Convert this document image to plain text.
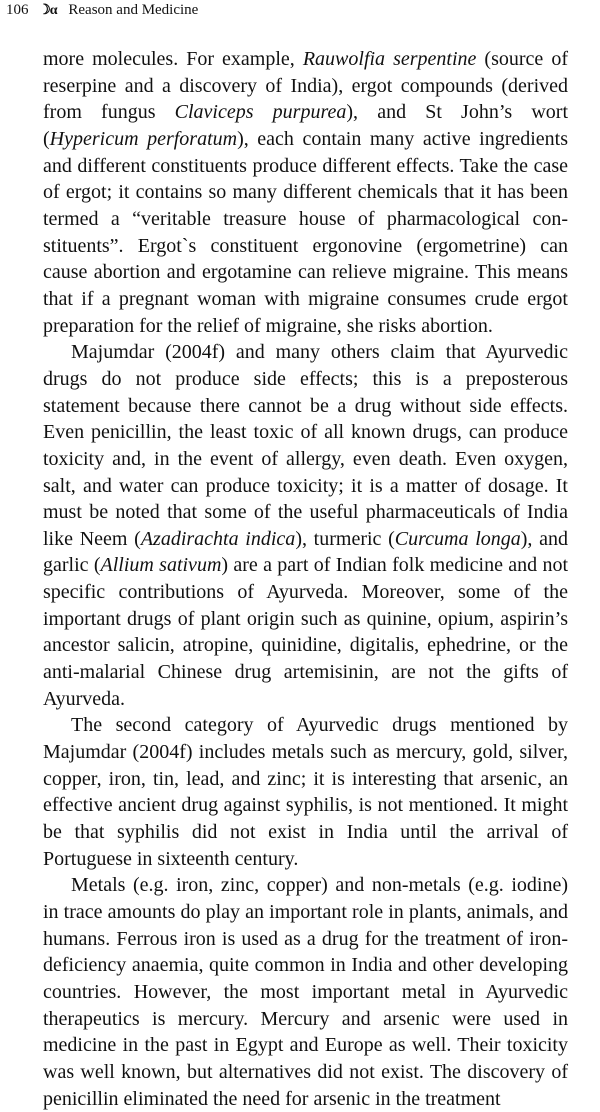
106 ☽α Reason and Medicine

more molecules. For example, Rauwolfia serpentine (source of reserpine and a discovery of India), ergot compounds (derived from fungus Claviceps purpurea), and St John’s wort (Hypericum perforatum), each contain many active ingredients and different constituents produce different effects. Take the case of ergot; it contains so many different chemicals that it has been termed a “veritable treasure house of pharmacological constituents”. Ergot`s constituent ergonovine (ergometrine) can cause abortion and ergotamine can relieve migraine. This means that if a pregnant woman with migraine consumes crude ergot preparation for the relief of migraine, she risks abortion.

Majumdar (2004f) and many others claim that Ayurvedic drugs do not produce side effects; this is a preposterous statement because there cannot be a drug without side effects. Even penicillin, the least toxic of all known drugs, can produce toxicity and, in the event of allergy, even death. Even oxygen, salt, and water can produce toxicity; it is a matter of dosage. It must be noted that some of the useful pharmaceuticals of India like Neem (Azadirachta indica), turmeric (Curcuma longa), and garlic (Allium sativum) are a part of Indian folk medicine and not specific contributions of Ayurveda. Moreover, some of the important drugs of plant origin such as quinine, opium, aspirin’s ancestor salicin, atropine, quinidine, digitalis, ephedrine, or the anti-malarial Chinese drug artemisinin, are not the gifts of Ayurveda.

The second category of Ayurvedic drugs mentioned by Majumdar (2004f) includes metals such as mercury, gold, silver, copper, iron, tin, lead, and zinc; it is interesting that arsenic, an effective ancient drug against syphilis, is not mentioned. It might be that syphilis did not exist in India until the arrival of Portuguese in sixteenth century.

Metals (e.g. iron, zinc, copper) and non-metals (e.g. iodine) in trace amounts do play an important role in plants, animals, and humans. Ferrous iron is used as a drug for the treatment of iron-deficiency anaemia, quite common in India and other developing countries. However, the most important metal in Ayurvedic therapeutics is mercury. Mercury and arsenic were used in medicine in the past in Egypt and Europe as well. Their toxicity was well known, but alternatives did not exist. The discovery of penicillin eliminated the need for arsenic in the treatment
